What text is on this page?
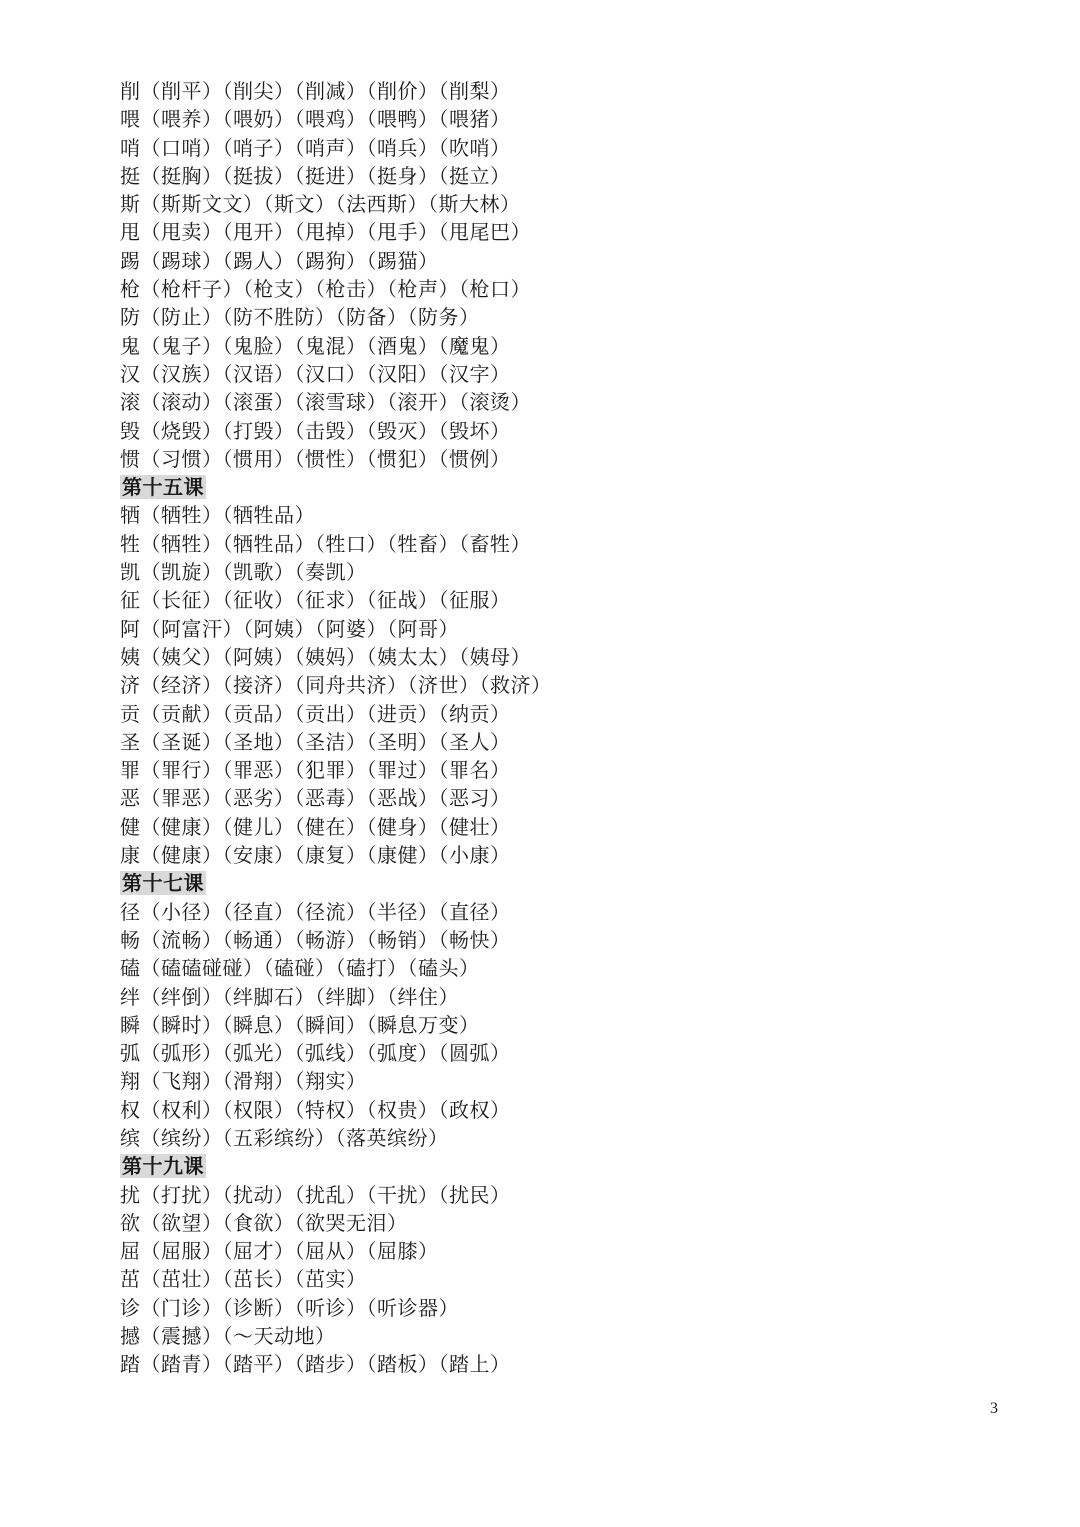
削（削平）（削尖）（削减）（削价）（削梨）
喂（喂养）（喂奶）（喂鸡）（喂鸭）（喂猪）
哨（口哨）（哨子）（哨声）（哨兵）（吹哨）
挺（挺胸）（挺拔）（挺进）（挺身）（挺立）
斯（斯斯文文）（斯文）（法西斯）（斯大林）
甩（甩卖）（甩开）（甩掉）（甩手）（甩尾巴）
踢（踢球）（踢人）（踢狗）（踢猫）
枪（枪杆子）（枪支）（枪击）（枪声）（枪口）
防（防止）（防不胜防）（防备）（防务）
鬼（鬼子）（鬼脸）（鬼混）（酒鬼）（魔鬼）
汉（汉族）（汉语）（汉口）（汉阳）（汉字）
滚（滚动）（滚蛋）（滚雪球）（滚开）（滚烫）
毁（烧毁）（打毁）（击毁）（毁灭）（毁坏）
惯（习惯）（惯用）（惯性）（惯犯）（惯例）
第十五课
牺（牺牲）（牺牲品）
牲（牺牲）（牺牲品）（牲口）（牲畜）（畜牲）
凯（凯旋）（凯歌）（奏凯）
征（长征）（征收）（征求）（征战）（征服）
阿（阿富汗）（阿姨）（阿婆）（阿哥）
姨（姨父）（阿姨）（姨妈）（姨太太）（姨母）
济（经济）（接济）（同舟共济）（济世）（救济）
贡（贡献）（贡品）（贡出）（进贡）（纳贡）
圣（圣诞）（圣地）（圣洁）（圣明）（圣人）
罪（罪行）（罪恶）（犯罪）（罪过）（罪名）
恶（罪恶）（恶劣）（恶毒）（恶战）（恶习）
健（健康）（健儿）（健在）（健身）（健壮）
康（健康）（安康）（康复）（康健）（小康）
第十七课
径（小径）（径直）（径流）（半径）（直径）
畅（流畅）（畅通）（畅游）（畅销）（畅快）
磕（磕磕碰碰）（磕碰）（磕打）（磕头）
绊（绊倒）（绊脚石）（绊脚）（绊住）
瞬（瞬时）（瞬息）（瞬间）（瞬息万变）
弧（弧形）（弧光）（弧线）（弧度）（圆弧）
翔（飞翔）（滑翔）（翔实）
权（权利）（权限）（特权）（权贵）（政权）
缤（缤纷）（五彩缤纷）（落英缤纷）
第十九课
扰（打扰）（扰动）（扰乱）（干扰）（扰民）
欲（欲望）（食欲）（欲哭无泪）
屈（屈服）（屈才）（屈从）（屈膝）
茁（茁壮）（茁长）（茁实）
诊（门诊）（诊断）（听诊）（听诊器）
撼（震撼）（～天动地）
踏（踏青）（踏平）（踏步）（踏板）（踏上）
3
